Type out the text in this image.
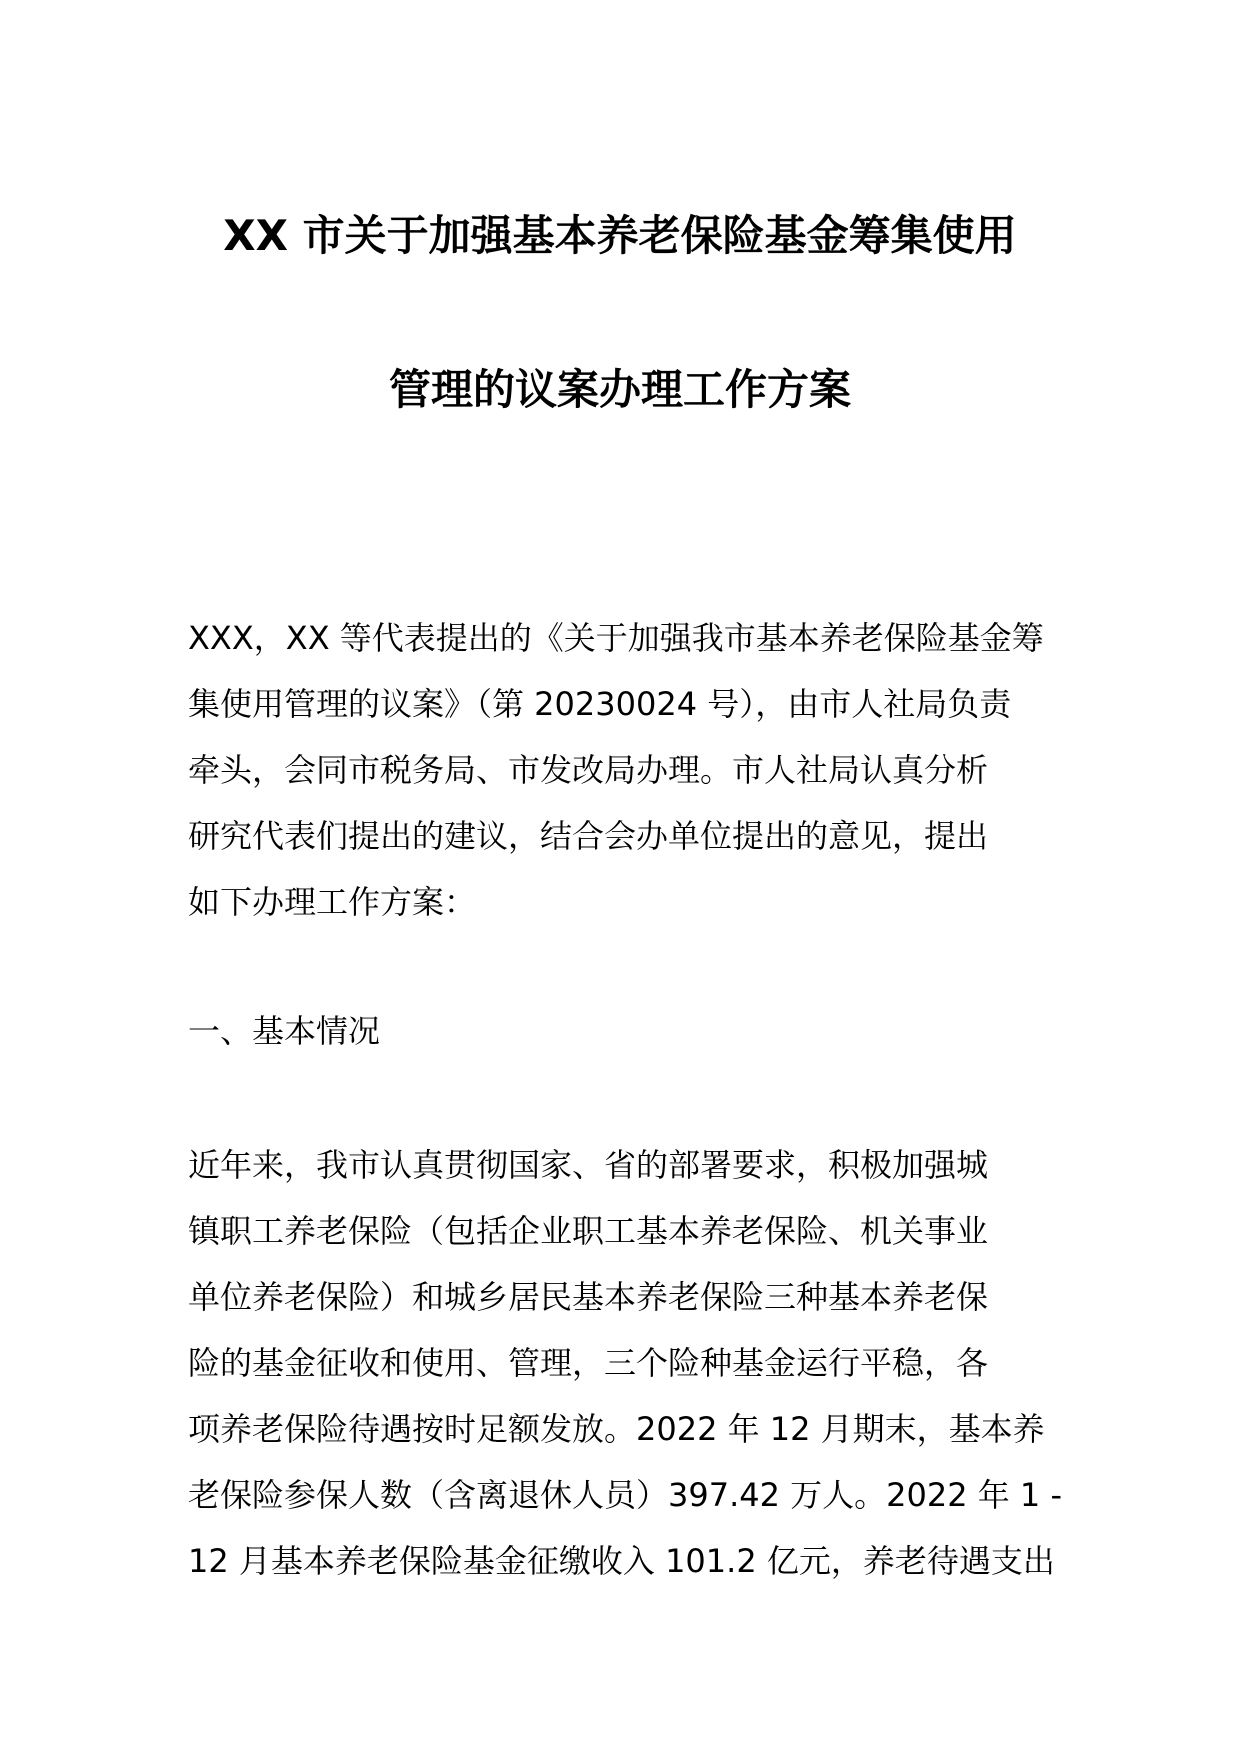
XX 市关于加强基本养老保险基金筹集使用
管理的议案办理工作方案
XXX，XX 等代表提出的《关于加强我市基本养老保险基金筹
集使用管理的议案》（第 20230024 号），由市人社局负责
牵头，会同市税务局、市发改局办理。市人社局认真分析
研究代表们提出的建议，结合会办单位提出的意见，提出
如下办理工作方案：
一、基本情况
近年来，我市认真贯彻国家、省的部署要求，积极加强城
镇职工养老保险（包括企业职工基本养老保险、机关事业
单位养老保险）和城乡居民基本养老保险三种基本养老保
险的基金征收和使用、管理，三个险种基金运行平稳，各
项养老保险待遇按时足额发放。2022 年 12 月期末，基本养
老保险参保人数（含离退休人员）397.42 万人。2022 年 1 -
12 月基本养老保险基金征缴收入 101.2 亿元，养老待遇支出
